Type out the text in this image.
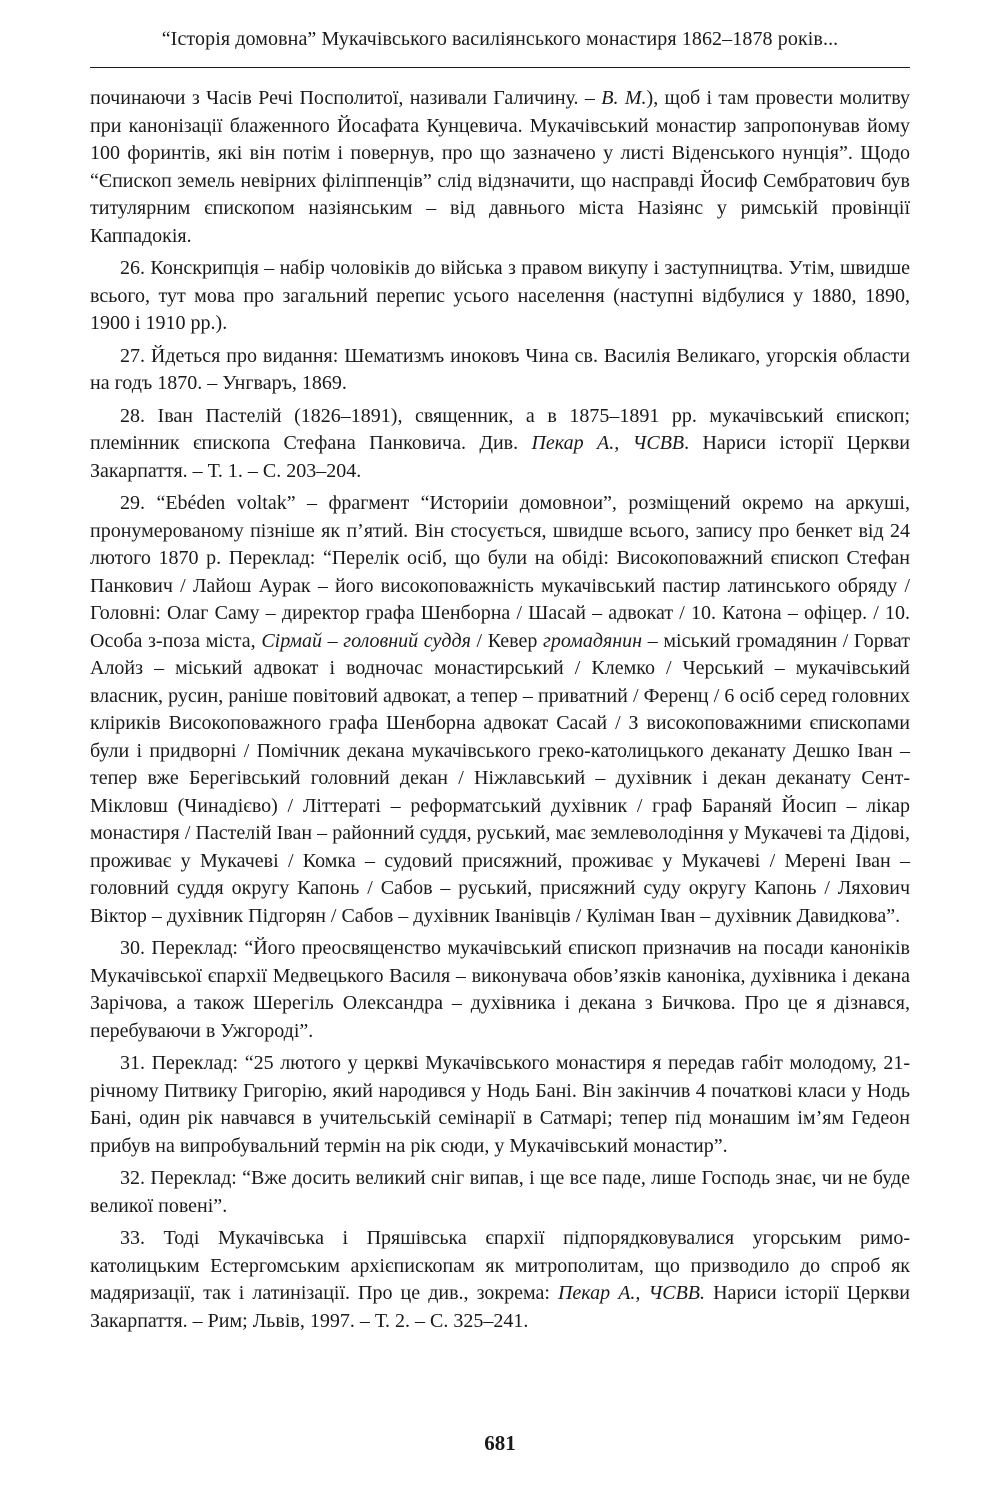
“Історія домовна” Мукачівського василіянського монастиря 1862–1878 років...

починаючи з Часів Речі Посполитої, називали Галичину. – В. М.), щоб і там провести молитву при канонізації блаженного Йосафата Кунцевича. Мукачівський монастир запропонував йому 100 форинтів, які він потім і повернув, про що зазначено у листі Віденського нунція”. Щодо “Єпископ земель невірних філіппенців” слід відзначити, що насправді Йосиф Сембратович був титулярним єпископом назіянським – від давнього міста Назіянс у римській провінції Каппадокія.

26. Конскрипція – набір чоловіків до війська з правом викупу і заступництва. Утім, швидше всього, тут мова про загальний перепис усього населення (наступні відбулися у 1880, 1890, 1900 і 1910 рр.).

27. Йдеться про видання: Шематизмъ иноковъ Чина св. Василія Великаго, угорскія области на годъ 1870. – Унгваръ, 1869.

28. Іван Пастелій (1826–1891), священник, а в 1875–1891 рр. мукачівський єпископ; племінник єпископа Стефана Панковича. Див. Пекар А., ЧСВВ. Нариси історії Церкви Закарпаття. – Т. 1. – С. 203–204.

29. “Ebéden voltak” – фрагмент “Историіи домовнои”, розміщений окремо на аркуші, пронумерованому пізніше як п’ятий. Він стосується, швидше всього, запису про бенкет від 24 лютого 1870 р. Переклад: “Перелік осіб, що були на обіді: Високоповажний єпископ Стефан Панкович / Лайош Аурак – його високоповажність мукачівський пастир латинського обряду / Головні: Олаг Саму – директор графа Шенборна / Шасай – адвокат / 10. Катона – офіцер. / 10. Особа з-поза міста, Сірмай – головний суддя / Кевер громадянин – міський громадянин / Горват Алойз – міський адвокат і водночас монастирський / Клемко / Черський – мукачівський власник, русин, раніше повітовий адвокат, а тепер – приватний / Ференц / 6 осіб серед головних кліриків Високоповажного графа Шенборна адвокат Сасай / З високоповажними єпископами були і придворні / Помічник декана мукачівського греко-католицького деканату Дешко Іван – тепер вже Берегівський головний декан / Ніжлавський – духівник і декан деканату Сент-Мікловш (Чинадієво) / Літтераті – реформатський духівник / граф Бараняй Йосип – лікар монастиря / Пастелій Іван – районний суддя, руський, має землеволодіння у Мукачеві та Дідові, проживає у Мукачеві / Комка – судовий присяжний, проживає у Мукачеві / Мерені Іван – головний суддя округу Капонь / Сабов – руський, присяжний суду округу Капонь / Ляхович Віктор – духівник Підгорян / Сабов – духівник Іванівців / Куліман Іван – духівник Давидкова”.

30. Переклад: “Його преосвященство мукачівський єпископ призначив на посади каноніків Мукачівської єпархії Медвецького Василя – виконувача обов’язків каноніка, духівника і декана Зарічова, а також Шерегіль Олександра – духівника і декана з Бичкова. Про це я дізнався, перебуваючи в Ужгороді”.

31. Переклад: “25 лютого у церкві Мукачівського монастиря я передав габіт молодому, 21-річному Питвику Григорію, який народився у Нодь Бані. Він закінчив 4 початкові класи у Нодь Бані, один рік навчався в учительській семінарії в Сатмарі; тепер під монашим ім’ям Гедеон прибув на випробувальний термін на рік сюди, у Мукачівський монастир”.

32. Переклад: “Вже досить великий сніг випав, і ще все паде, лише Господь знає, чи не буде великої повені”.

33. Тоді Мукачівська і Пряшівська єпархії підпорядковувалися угорським римо-католицьким Естергомським архієпископам як митрополитам, що призводило до спроб як мадяризації, так і латинізації. Про це див., зокрема: Пекар А., ЧСВВ. Нариси історії Церкви Закарпаття. – Рим; Львів, 1997. – Т. 2. – С. 325–241.

681
